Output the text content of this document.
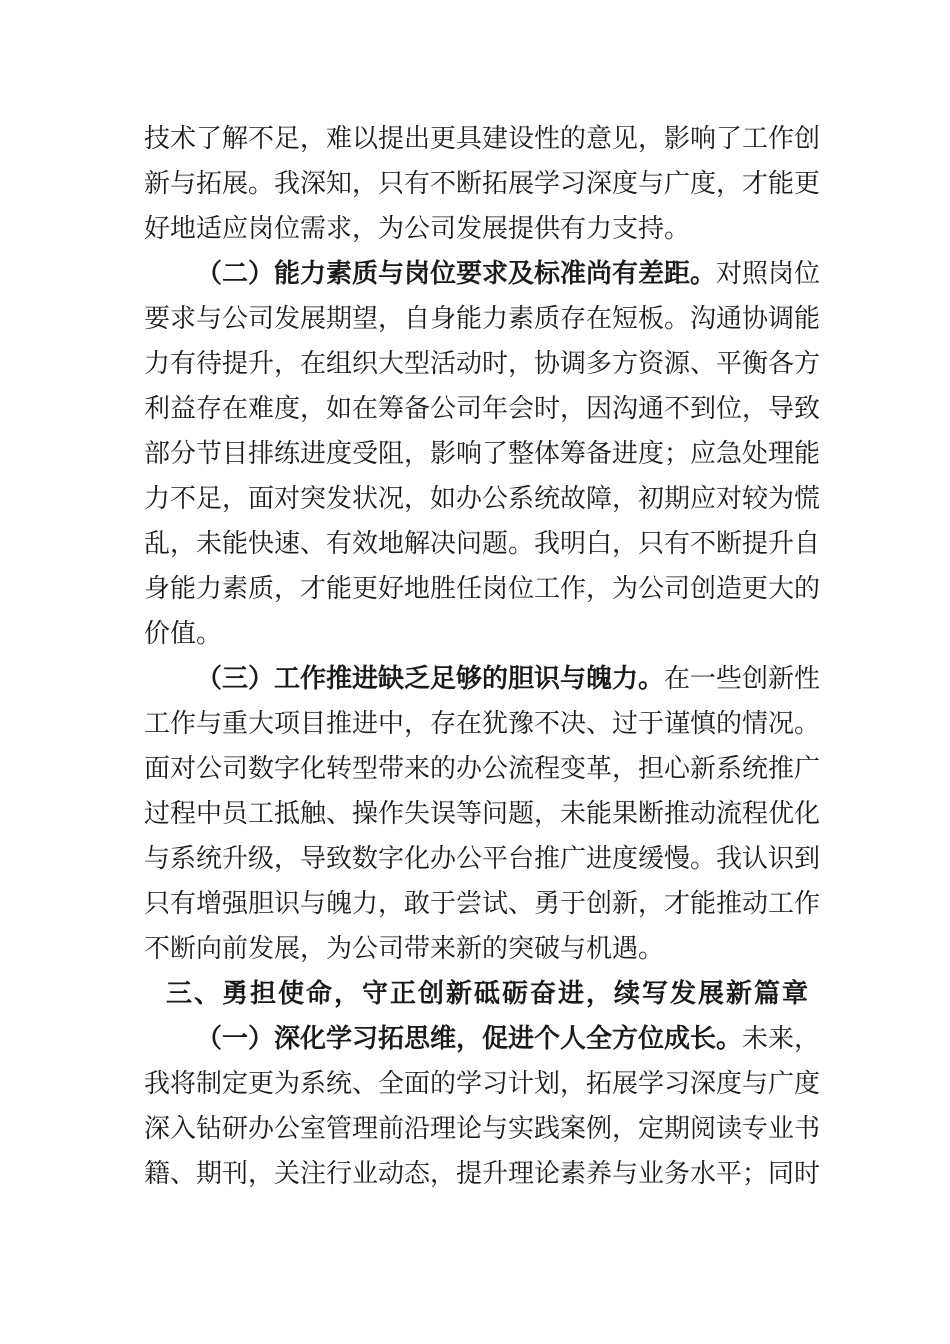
技术了解不足，难以提出更具建设性的意见，影响了工作创
新与拓展。我深知，只有不断拓展学习深度与广度，才能更
好地适应岗位需求，为公司发展提供有力支持。
（二）能力素质与岗位要求及标准尚有差距。对照岗位
要求与公司发展期望，自身能力素质存在短板。沟通协调能
力有待提升，在组织大型活动时，协调多方资源、平衡各方
利益存在难度，如在筹备公司年会时，因沟通不到位，导致
部分节目排练进度受阻，影响了整体筹备进度；应急处理能
力不足，面对突发状况，如办公系统故障，初期应对较为慌
乱，未能快速、有效地解决问题。我明白，只有不断提升自
身能力素质，才能更好地胜任岗位工作，为公司创造更大的
价值。
（三）工作推进缺乏足够的胆识与魄力。在一些创新性
工作与重大项目推进中，存在犹豫不决、过于谨慎的情况。
面对公司数字化转型带来的办公流程变革，担心新系统推广
过程中员工抵触、操作失误等问题，未能果断推动流程优化
与系统升级，导致数字化办公平台推广进度缓慢。我认识到
只有增强胆识与魄力，敢于尝试、勇于创新，才能推动工作
不断向前发展，为公司带来新的突破与机遇。
三、勇担使命，守正创新砥砺奋进，续写发展新篇章
（一）深化学习拓思维，促进个人全方位成长。未来，
我将制定更为系统、全面的学习计划，拓展学习深度与广度
深入钻研办公室管理前沿理论与实践案例，定期阅读专业书
籍、期刊，关注行业动态，提升理论素养与业务水平；同时
